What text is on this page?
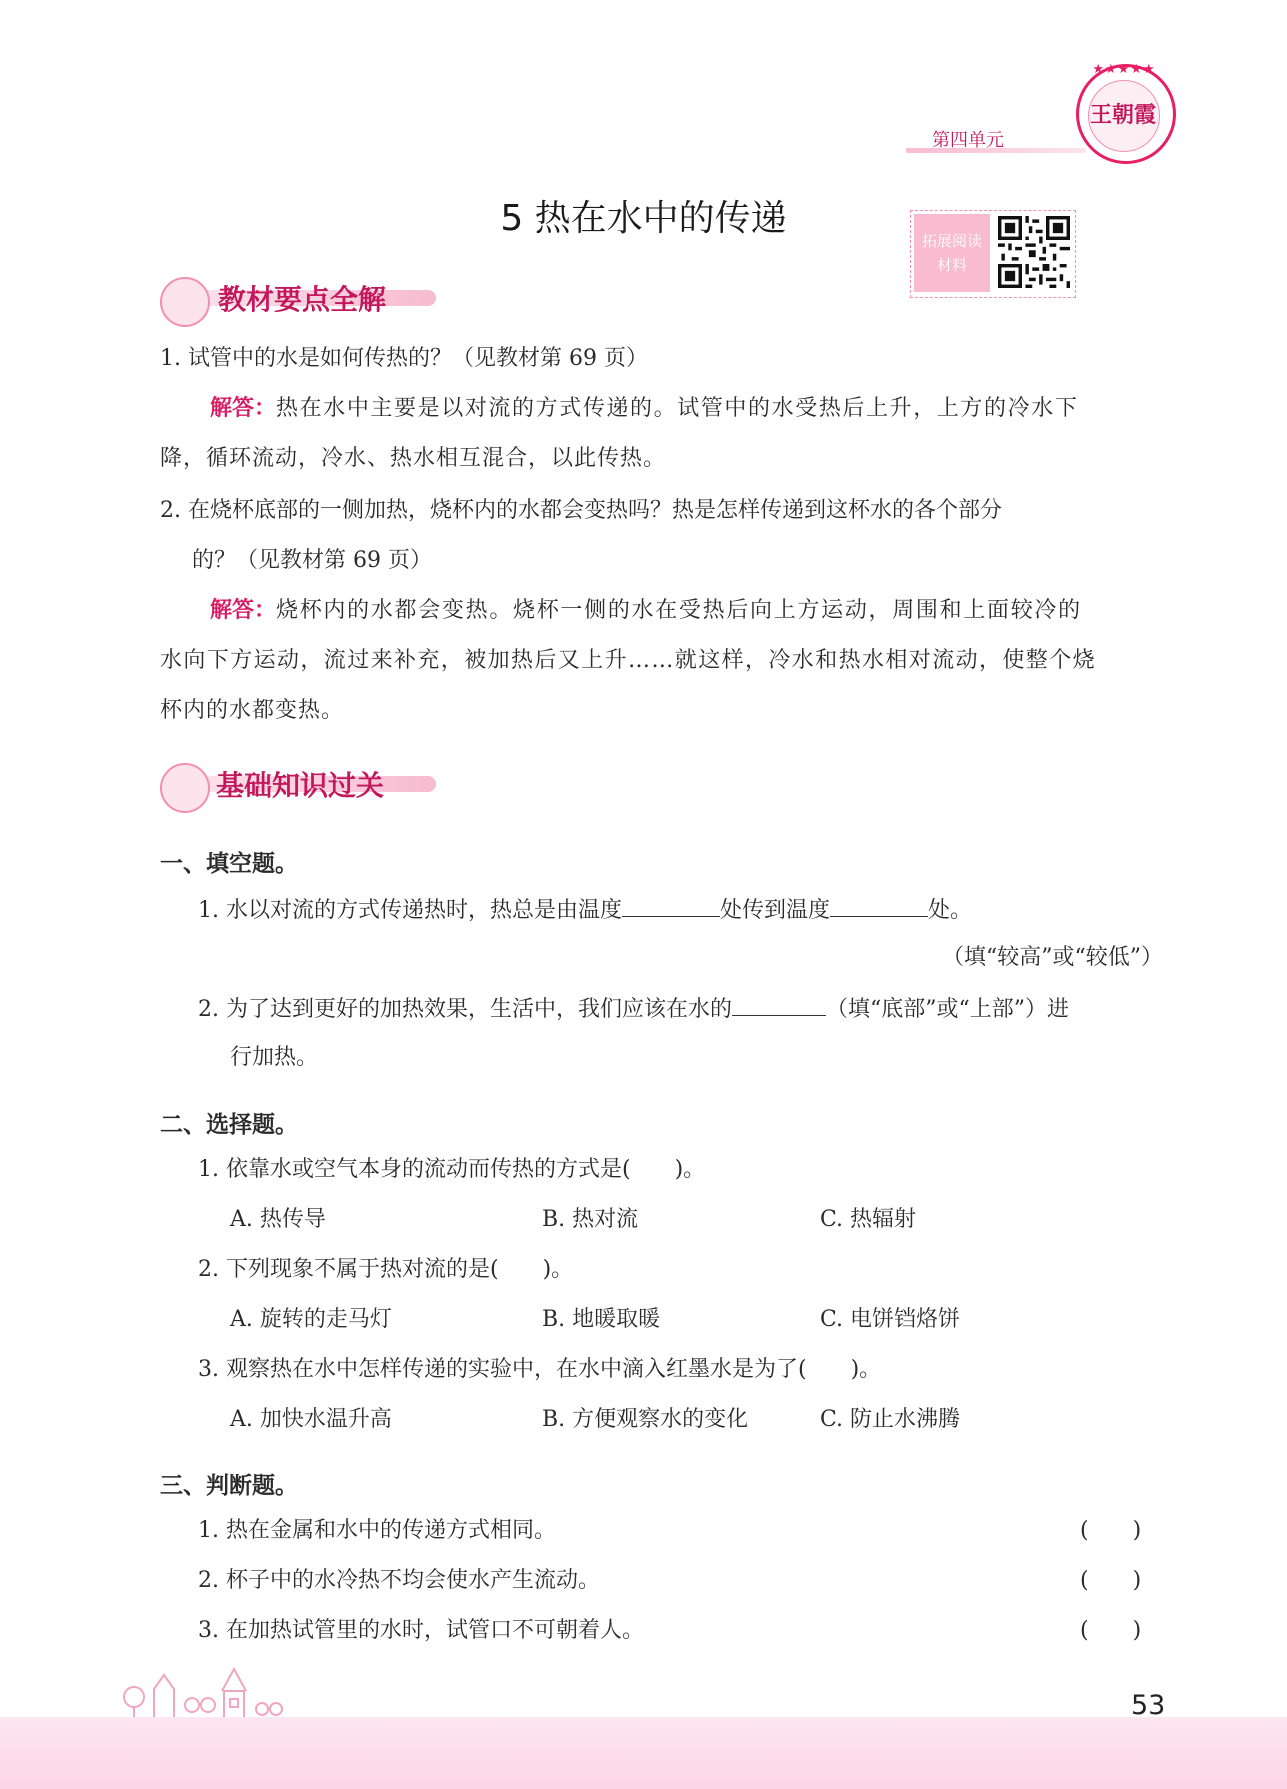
第四单元
★★★★★
王朝霞
5 热在水中的传递
拓展阅读材料
教材要点全解
1. 试管中的水是如何传热的？（见教材第 69 页）
解答：热在水中主要是以对流的方式传递的。试管中的水受热后上升，上方的冷水下
降，循环流动，冷水、热水相互混合，以此传热。
2. 在烧杯底部的一侧加热，烧杯内的水都会变热吗？热是怎样传递到这杯水的各个部分
的？（见教材第 69 页）
解答：烧杯内的水都会变热。烧杯一侧的水在受热后向上方运动，周围和上面较冷的
水向下方运动，流过来补充，被加热后又上升……就这样，冷水和热水相对流动，使整个烧
杯内的水都变热。
基础知识过关
一、填空题。
1. 水以对流的方式传递热时，热总是由温度	处传到温度	处。
（填“较高”或“较低”）
2. 为了达到更好的加热效果，生活中，我们应该在水的	（填“底部”或“上部”）进
行加热。
二、选择题。
1. 依靠水或空气本身的流动而传热的方式是(　　)。
A. 热传导	B. 热对流	C. 热辐射
2. 下列现象不属于热对流的是(　　)。
A. 旋转的走马灯	B. 地暖取暖	C. 电饼铛烙饼
3. 观察热在水中怎样传递的实验中，在水中滴入红墨水是为了(　　)。
A. 加快水温升高	B. 方便观察水的变化	C. 防止水沸腾
三、判断题。
1. 热在金属和水中的传递方式相同。	(　　)
2. 杯子中的水冷热不均会使水产生流动。	(　　)
3. 在加热试管里的水时，试管口不可朝着人。	(　　)
53
